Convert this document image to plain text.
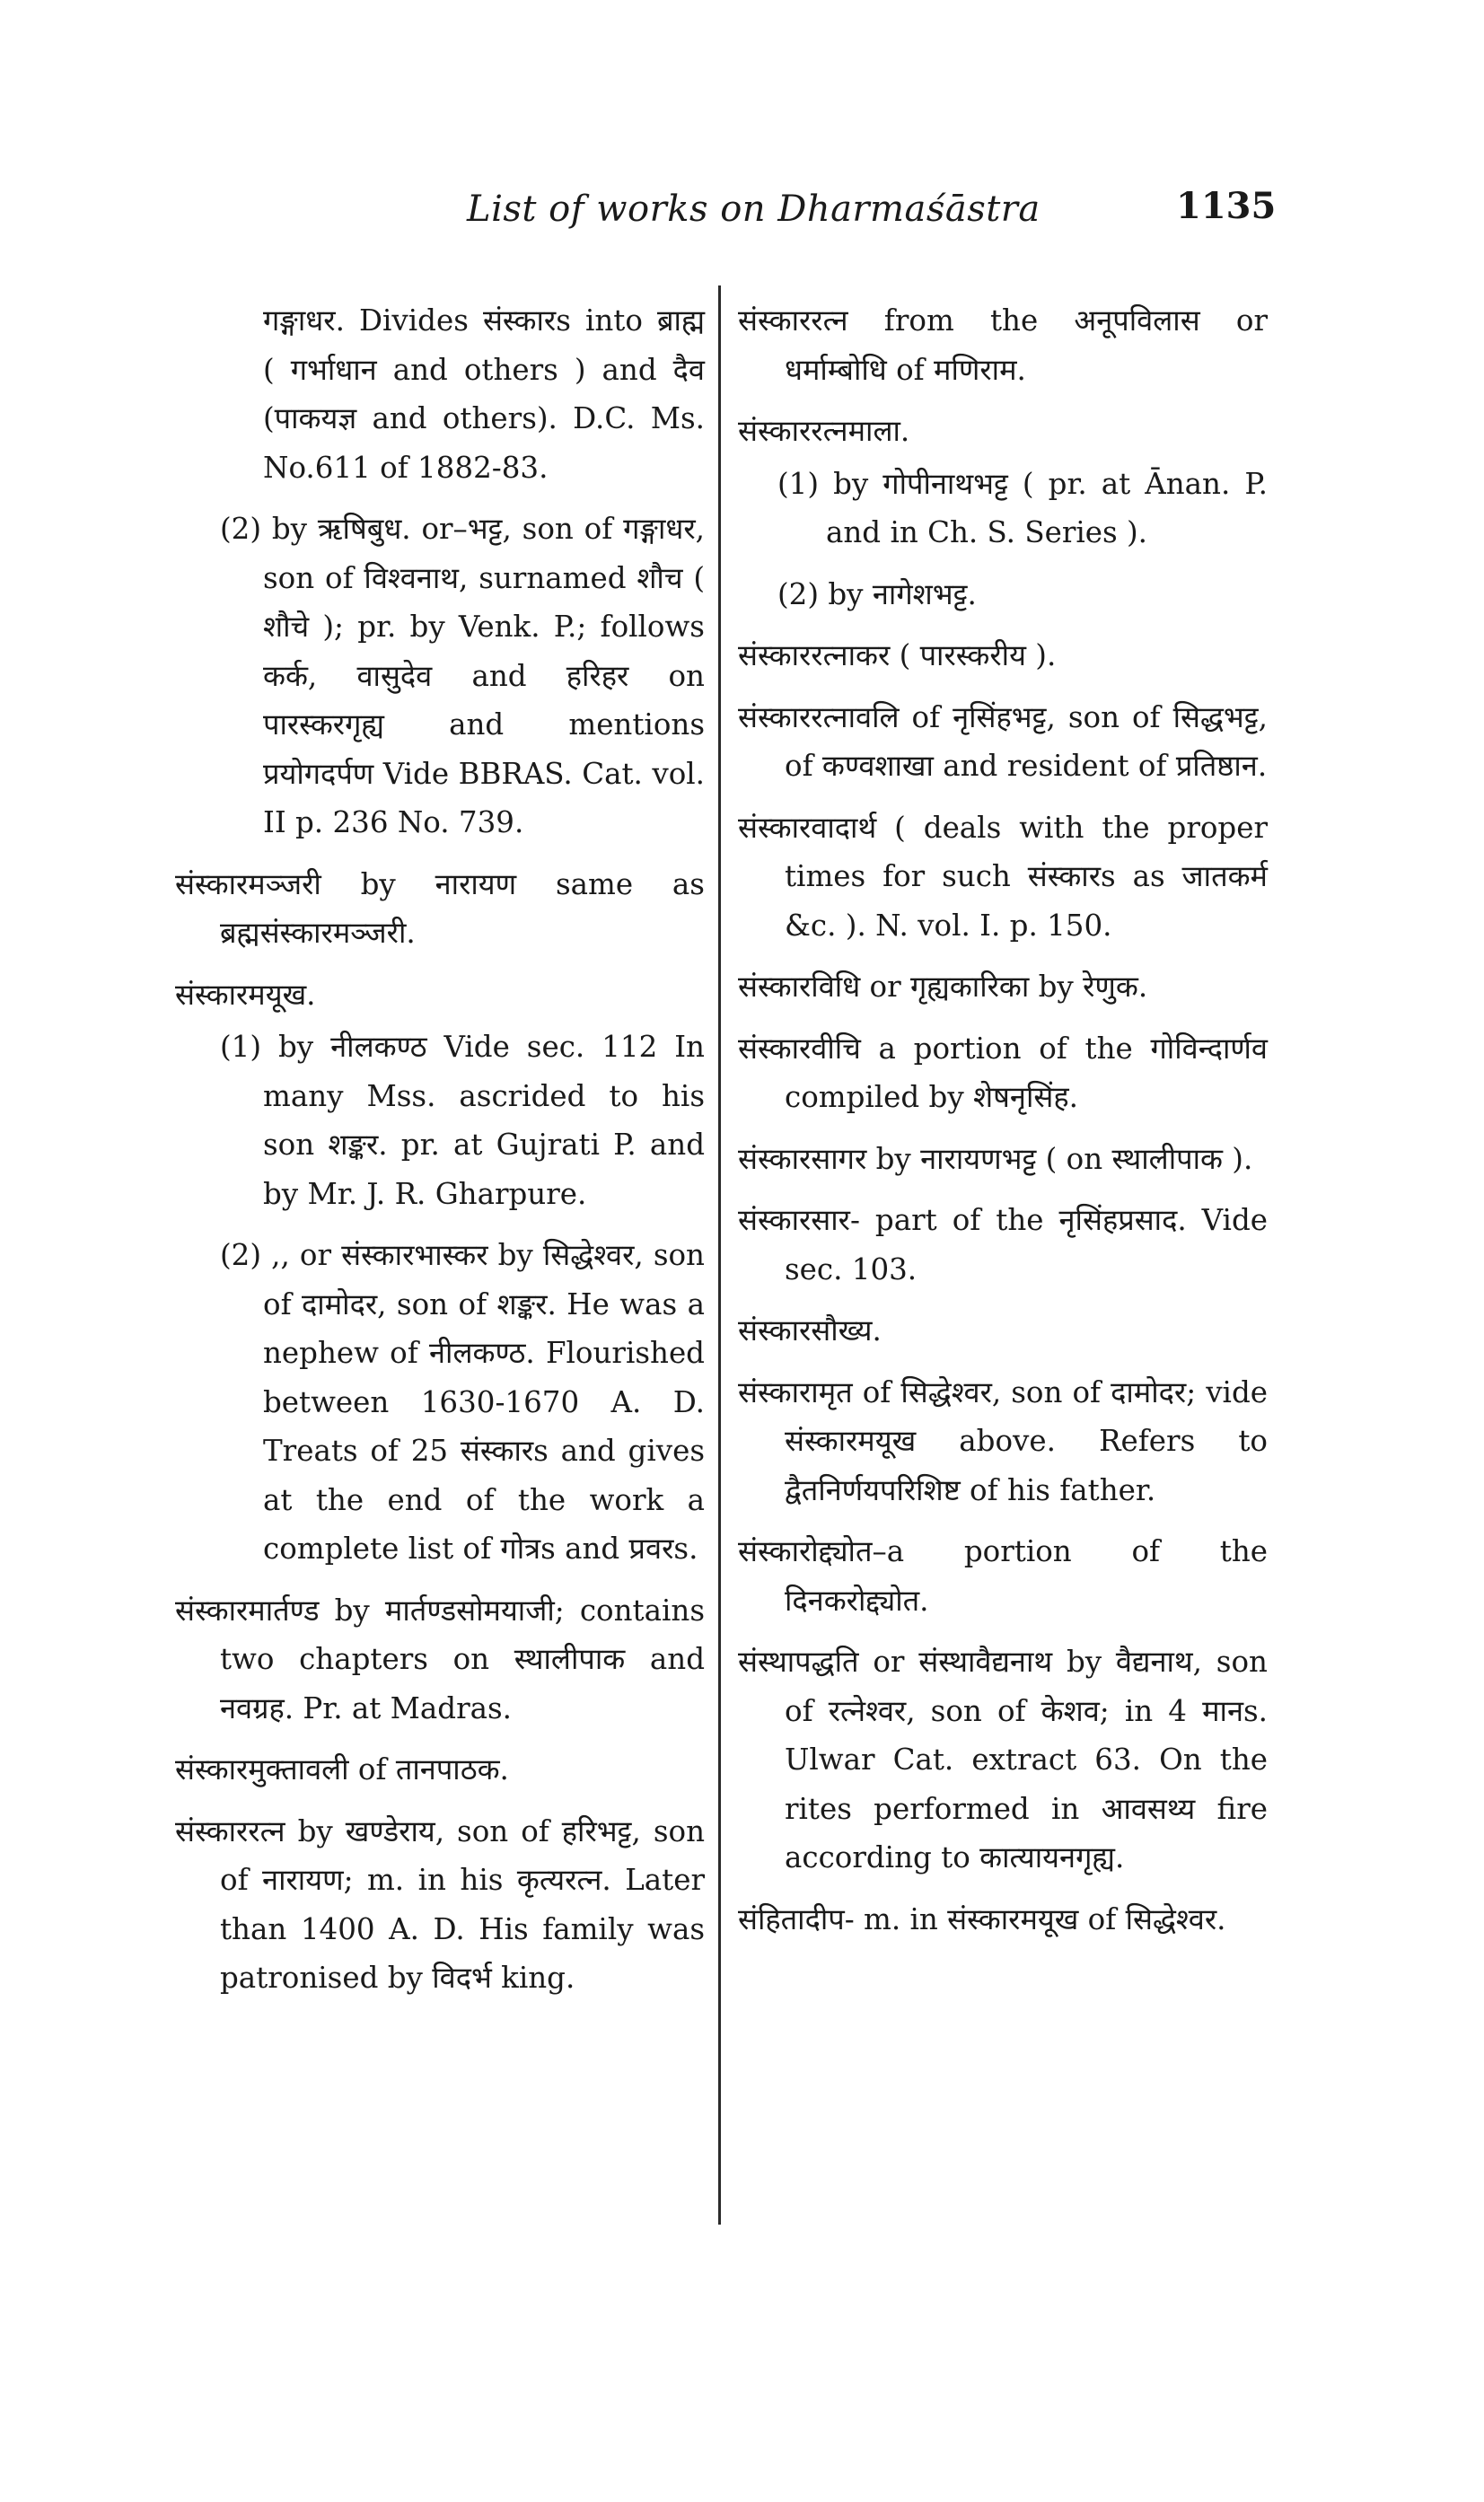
List of works on Dharmaśāstra	1135

गङ्गाधर. Divides संस्कारs into ब्राह्म ( गर्भाधान and others ) and दैव (पाकयज्ञ and others). D.C. Ms. No.611 of 1882-83.

(2) by ऋषिबुध. or–भट्ट, son of गङ्गाधर, son of विश्वनाथ, surnamed शौच ( शौचे ); pr. by Venk. P.; follows कर्क, वासुदेव and हरिहर on पारस्करगृह्य and mentions प्रयोगदर्पण Vide BBRAS. Cat. vol. II p. 236 No. 739.

संस्कारमञ्जरी by नारायण same as ब्रह्मसंस्कारमञ्जरी.

संस्कारमयूख.

(1) by नीलकण्ठ Vide sec. 112 In many Mss. ascrided to his son शङ्कर. pr. at Gujrati P. and by Mr. J. R. Gharpure.

(2) ,, or संस्कारभास्कर by सिद्धेश्वर, son of दामोदर, son of शङ्कर. He was a nephew of नीलकण्ठ. Flourished between 1630-1670 A. D. Treats of 25 संस्कारs and gives at the end of the work a complete list of गोत्रs and प्रवरs.

संस्कारमार्तण्ड by मार्तण्डसोमयाजी; contains two chapters on स्थालीपाक and नवग्रह. Pr. at Madras.

संस्कारमुक्तावली of तानपाठक.

संस्काररत्न by खण्डेराय, son of हरिभट्ट, son of नारायण; m. in his कृत्यरत्न. Later than 1400 A. D. His family was patronised by विदर्भ king.

संस्काररत्न from the अनूपविलास or धर्माम्बोधि of मणिराम.

संस्काररत्नमाला.

(1) by गोपीनाथभट्ट ( pr. at Ānan. P. and in Ch. S. Series ).

(2) by नागेशभट्ट.

संस्काररत्नाकर ( पारस्करीय ).

संस्काररत्नावलि of नृसिंहभट्ट, son of सिद्धभट्ट, of कण्वशाखा and resident of प्रतिष्ठान.

संस्कारवादार्थ ( deals with the proper times for such संस्कारs as जातकर्म &c. ). N. vol. I. p. 150.

संस्कारविधि or गृह्यकारिका by रेणुक.

संस्कारवीचि a portion of the गोविन्दार्णव compiled by शेषनृसिंह.

संस्कारसागर by नारायणभट्ट ( on स्थालीपाक ).

संस्कारसार- part of the नृसिंहप्रसाद. Vide sec. 103.

संस्कारसौख्य.

संस्कारामृत of सिद्धेश्वर, son of दामोदर; vide संस्कारमयूख above. Refers to द्वैतनिर्णयपरिशिष्ट of his father.

संस्कारोद्द्योत–a portion of the दिनकरोद्द्योत.

संस्थापद्धति or संस्थावैद्यनाथ by वैद्यनाथ, son of रत्नेश्वर, son of केशव; in 4 मानs. Ulwar Cat. extract 63. On the rites performed in आवसथ्य fire according to कात्यायनगृह्य.

संहितादीप- m. in संस्कारमयूख of सिद्धेश्वर.
